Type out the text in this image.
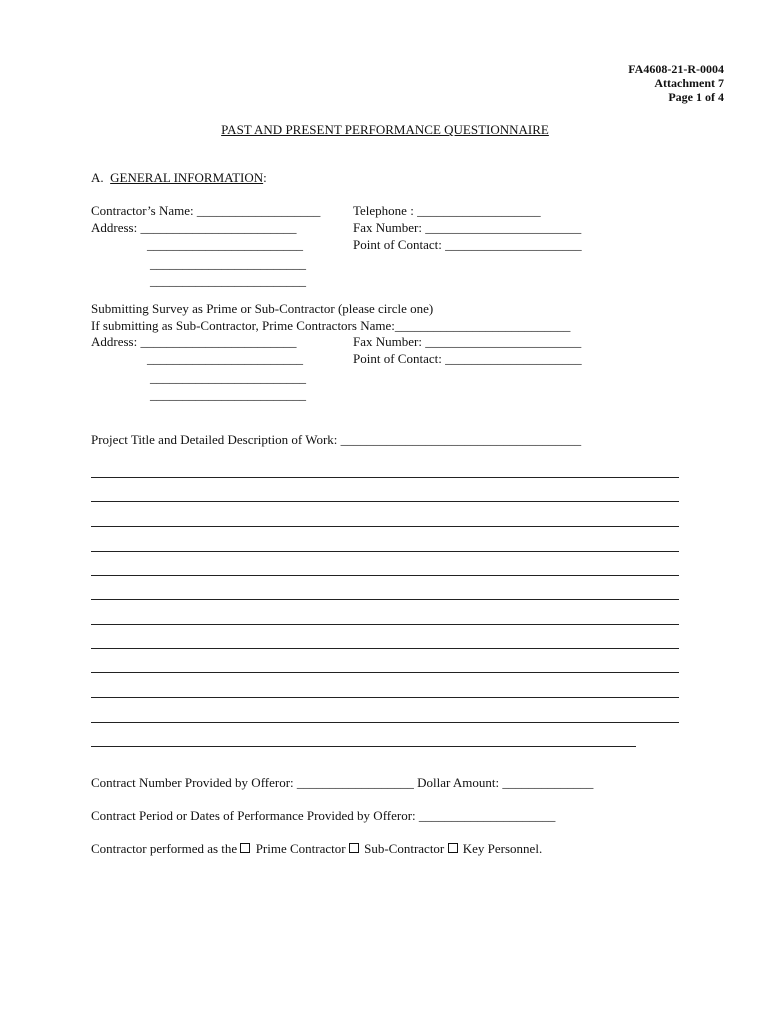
FA4608-21-R-0004
Attachment 7
Page 1 of 4
PAST AND PRESENT PERFORMANCE QUESTIONNAIRE
A. GENERAL INFORMATION:
Contractor’s Name: ___________________
Address: ________________________
________________________
________________________
________________________
Telephone : ___________________
Fax Number: ________________________
Point of Contact: _____________________
Submitting Survey as Prime or Sub-Contractor (please circle one)
If submitting as Sub-Contractor, Prime Contractors Name:___________________________
Address: ________________________
________________________
________________________
________________________
Fax Number: ________________________
Point of Contact: _____________________
Project Title and Detailed Description of Work: _____________________________________
Contract Number Provided by Offeror: __________________ Dollar Amount: ______________
Contract Period or Dates of Performance Provided by Offeror: _____________________
Contractor performed as the Prime Contractor Sub-Contractor Key Personnel.
